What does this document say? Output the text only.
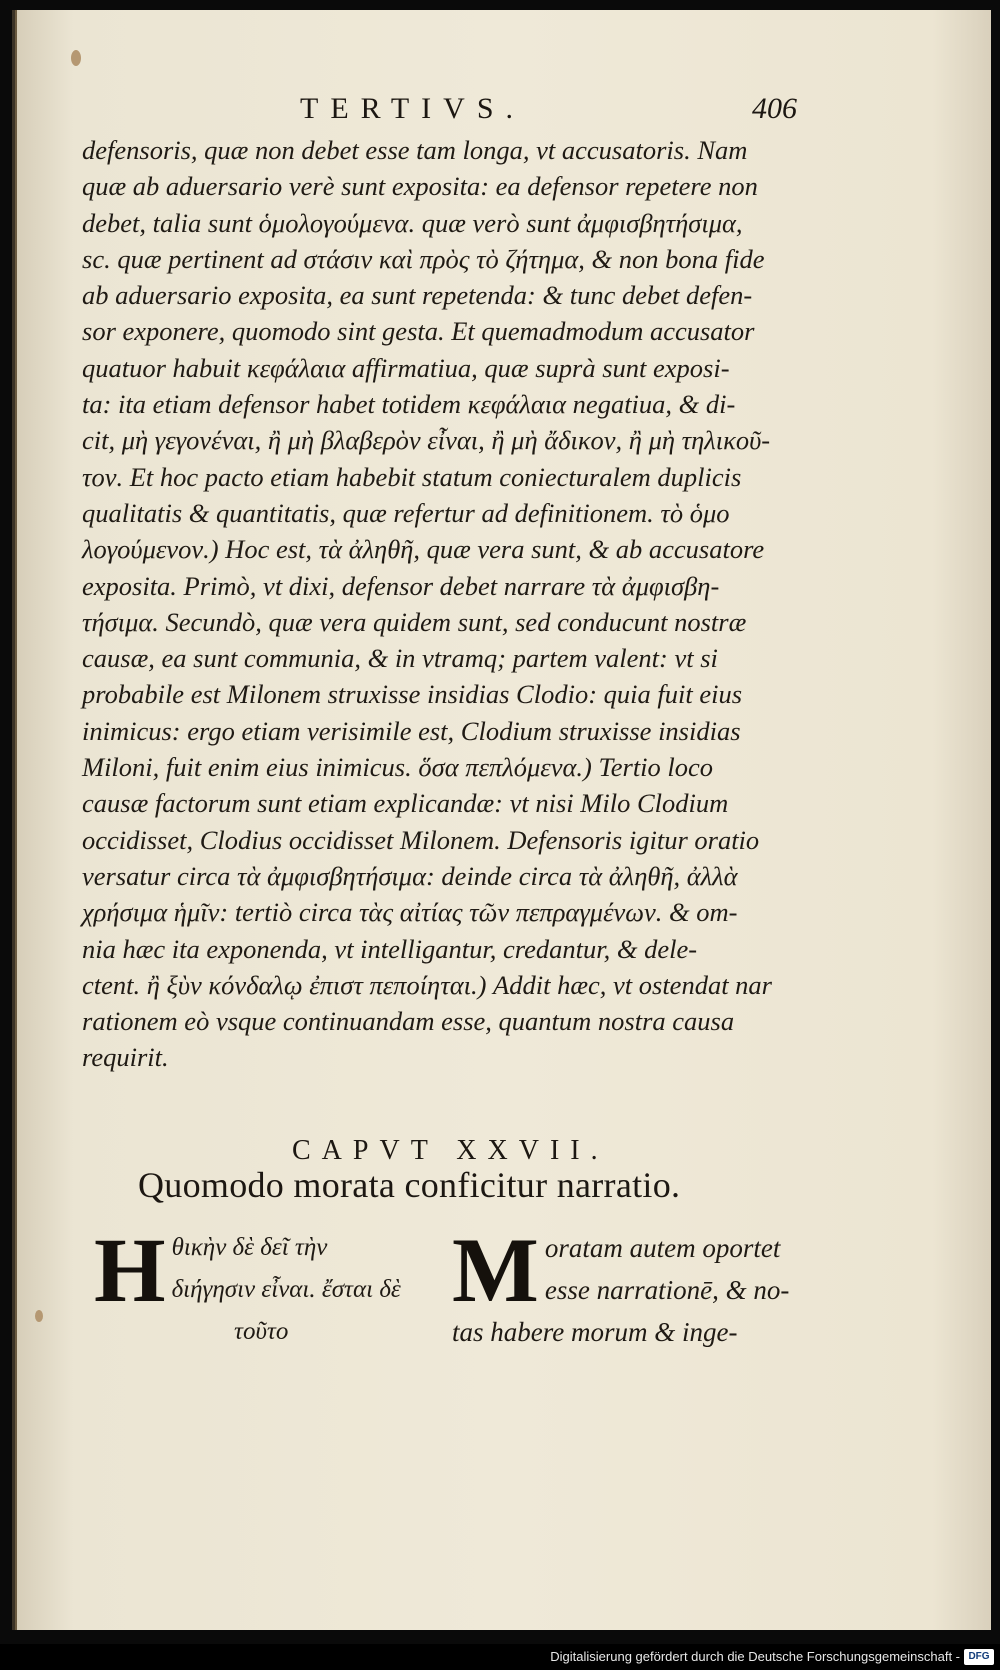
TERTIVS.	406
defensoris, quæ non debet esse tam longa, vt accusatoris. Nam
quæ ab aduersario verè sunt exposita: ea defensor repetere non
debet, talia sunt ὁμολογούμενα. quæ verò sunt ἀμφισβητήσιμα,
sc. quæ pertinent ad στάσιν καὶ πρὸς τὸ ζήτημα, & non bona fide
ab aduersario exposita, ea sunt repetenda: & tunc debet defen-
sor exponere, quomodo sint gesta. Et quemadmodum accusator
quatuor habuit κεφάλαια affirmatiua, quæ suprà sunt exposi-
ta: ita etiam defensor habet totidem κεφάλαια negatiua, & di-
cit, μὴ γεγονέναι, ἢ μὴ βλαβερὸν εἶναι, ἢ μὴ ἄδικον, ἢ μὴ τηλικοῦ-
τον. Et hoc pacto etiam habebit statum coniecturalem duplicis
qualitatis & quantitatis, quæ refertur ad definitionem. τὸ ὁμο
λογούμενον.) Hoc est, τὰ ἀληθῆ, quæ vera sunt, & ab accusatore
exposita. Primò, vt dixi, defensor debet narrare τὰ ἀμφισβη-
τήσιμα. Secundò, quæ vera quidem sunt, sed conducunt nostræ
causæ, ea sunt communia, & in vtramq; partem valent: vt si
probabile est Milonem struxisse insidias Clodio: quia fuit eius
inimicus: ergo etiam verisimile est, Clodium struxisse insidias
Miloni, fuit enim eius inimicus. ὅσα πεπλόμενα.) Tertio loco
causæ factorum sunt etiam explicandæ: vt nisi Milo Clodium
occidisset, Clodius occidisset Milonem. Defensoris igitur oratio
versatur circa τὰ ἀμφισβητήσιμα: deinde circa τὰ ἀληθῆ, ἀλλὰ
χρήσιμα ἡμῖν: tertiò circa τὰς αἰτίας τῶν πεπραγμένων. & om-
nia hæc ita exponenda, vt intelligantur, credantur, & dele-
ctent. ἢ ξὺν κόνδαλῳ ἐπιστ πεποίηται.) Addit hæc, vt ostendat nar
rationem eò vsque continuandam esse, quantum nostra causa
requirit.
CAPVT XXVII.
Quomodo morata conficitur narratio.
H θικὴν δὲ δεῖ τὴν
διήγησιν εἶναι. ἔσται δὲ
τοῦτο
M oratam autem oportet
esse narrationē, & no-
tas habere morum & inge-
Digitalisierung gefördert durch die Deutsche Forschungsgemeinschaft - DFG
